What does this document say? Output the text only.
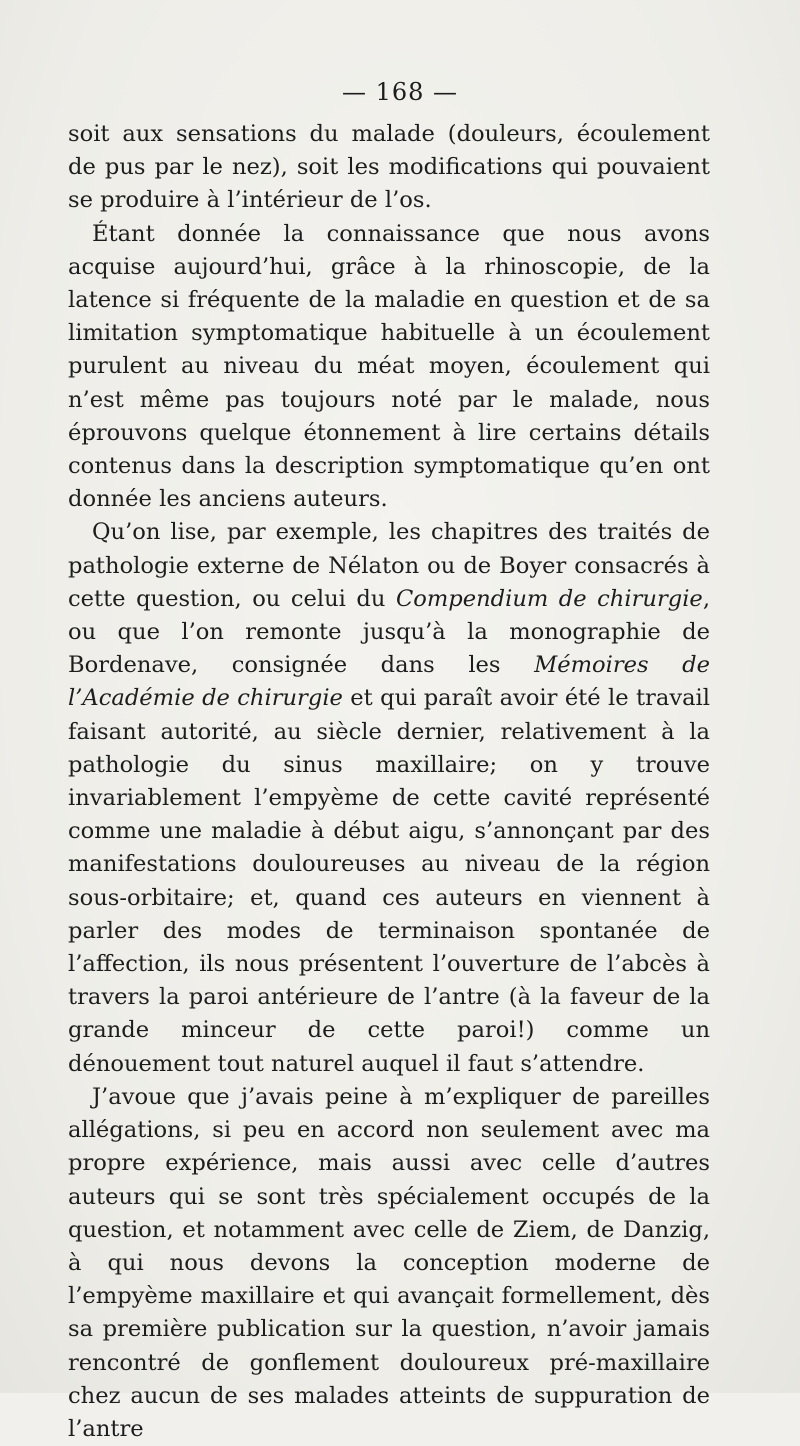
— 168 —

soit aux sensations du malade (douleurs, écoulement de pus par le nez), soit les modifications qui pouvaient se produire à l’intérieur de l’os.

Étant donnée la connaissance que nous avons acquise aujourd’hui, grâce à la rhinoscopie, de la latence si fréquente de la maladie en question et de sa limitation symptomatique habituelle à un écoulement purulent au niveau du méat moyen, écoulement qui n’est même pas toujours noté par le malade, nous éprouvons quelque étonnement à lire certains détails contenus dans la description symptomatique qu’en ont donnée les anciens auteurs.

Qu’on lise, par exemple, les chapitres des traités de pathologie externe de Nélaton ou de Boyer consacrés à cette question, ou celui du Compendium de chirurgie, ou que l’on remonte jusqu’à la monographie de Bordenave, consignée dans les Mémoires de l’Académie de chirurgie et qui paraît avoir été le travail faisant autorité, au siècle dernier, relativement à la pathologie du sinus maxillaire; on y trouve invariablement l’empyème de cette cavité représenté comme une maladie à début aigu, s’annonçant par des manifestations douloureuses au niveau de la région sous-orbitaire; et, quand ces auteurs en viennent à parler des modes de terminaison spontanée de l’affection, ils nous présentent l’ouverture de l’abcès à travers la paroi antérieure de l’antre (à la faveur de la grande minceur de cette paroi!) comme un dénouement tout naturel auquel il faut s’attendre.

J’avoue que j’avais peine à m’expliquer de pareilles allégations, si peu en accord non seulement avec ma propre expérience, mais aussi avec celle d’autres auteurs qui se sont très spécialement occupés de la question, et notamment avec celle de Ziem, de Danzig, à qui nous devons la conception moderne de l’empyème maxillaire et qui avançait formellement, dès sa première publication sur la question, n’avoir jamais rencontré de gonflement douloureux pré-maxillaire chez aucun de ses malades atteints de suppuration de l’antre
